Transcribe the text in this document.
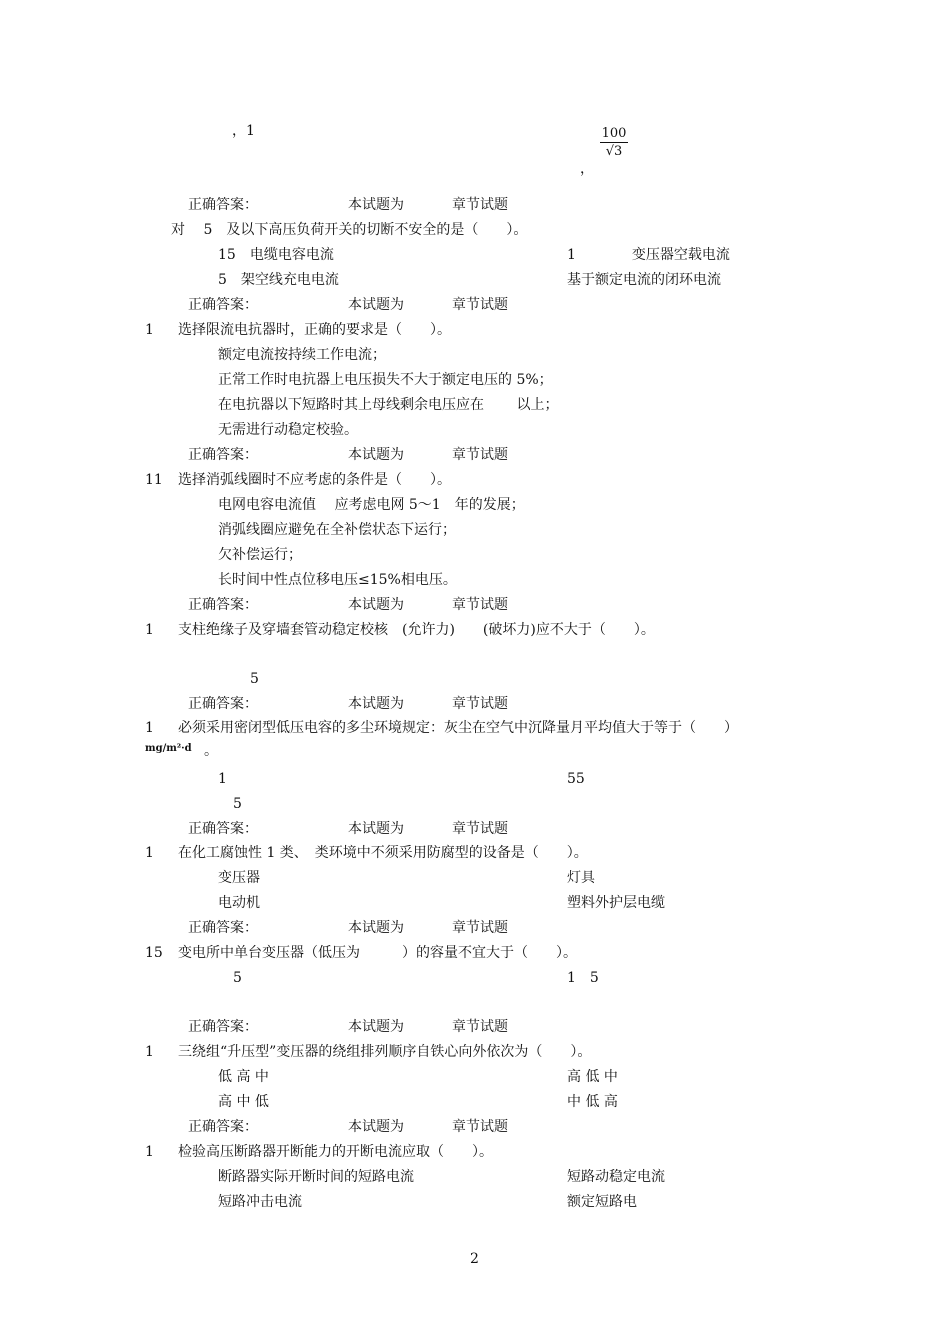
，1	$\frac{100}{√3}$
，
正确答案：	本试题为	章节试题
对　 5　及以下高压负荷开关的切断不安全的是（　　）。
15　电缆电容电流	1　　　　变压器空载电流
5　架空线充电电流	基于额定电流的闭环电流
正确答案：	本试题为	章节试题
1 选择限流电抗器时，正确的要求是（　　）。
额定电流按持续工作电流；
正常工作时电抗器上电压损失不大于额定电压的 5%；
在电抗器以下短路时其上母线剩余电压应在　　 以上；
无需进行动稳定校验。
正确答案：	本试题为	章节试题
11 选择消弧线圈时不应考虑的条件是（　　）。
电网电容电流值　 应考虑电网 5～1　年的发展；
消弧线圈应避免在全补偿状态下运行；
欠补偿运行；
长时间中性点位移电压≤15%相电压。
正确答案：	本试题为	章节试题
1 支柱绝缘子及穿墙套管动稳定校核　(允许力)　　(破坏力)应不大于（　　）。
5
正确答案：	本试题为	章节试题
1 必须采用密闭型低压电容的多尘环境规定：灰尘在空气中沉降量月平均值大于等于（　　）
mg/m²·d 。
1	55
5
正确答案：	本试题为	章节试题
1 在化工腐蚀性 1 类、　类环境中不须采用防腐型的设备是（　　）。
变压器	灯具
电动机	塑料外护层电缆
正确答案：	本试题为	章节试题
15 变电所中单台变压器（低压为　　　）的容量不宜大于（　　）。
5	1　5
正确答案：	本试题为	章节试题
1 三绕组“升压型”变压器的绕组排列顺序自铁心向外依次为（　　）。
低 高 中	高 低 中
高 中 低	中 低 高
正确答案：	本试题为	章节试题
1 检验高压断路器开断能力的开断电流应取（　　）。
断路器实际开断时间的短路电流	短路动稳定电流
短路冲击电流	额定短路电
2
